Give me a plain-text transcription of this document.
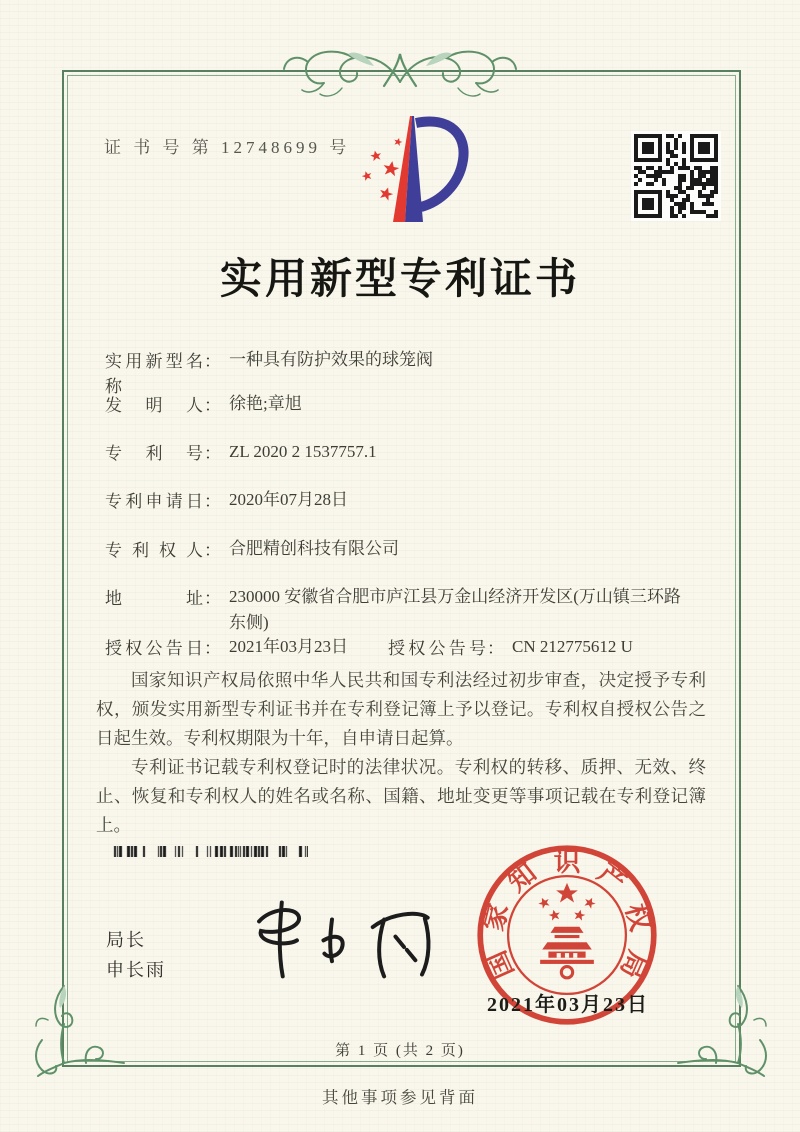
证 书 号 第 12748699 号
实用新型专利证书
实用新型名称
： 一种具有防护效果的球笼阀
发明人 ： 徐艳;章旭
专利号 ： ZL 2020 2 1537757.1
专利申请日 ： 2020年07月28日
专利权人 ： 合肥精创科技有限公司
地址 ： 230000 安徽省合肥市庐江县万金山经济开发区(万山镇三环路东侧)
授权公告日 ： 2021年03月23日 授权公告号 ： CN 212775612 U

国家知识产权局依照中华人民共和国专利法经过初步审查，决定授予专利权，颁发实用新型专利证书并在专利登记簿上予以登记。专利权自授权公告之日起生效。专利权期限为十年，自申请日起算。

专利证书记载专利权登记时的法律状况。专利权的转移、质押、无效、终止、恢复和专利权人的姓名或名称、国籍、地址变更等事项记载在专利登记簿上。

局长
申长雨	国
家
知 识 产
权
局
2021年03月23日
第 1 页 (共 2 页)
其他事项参见背面
